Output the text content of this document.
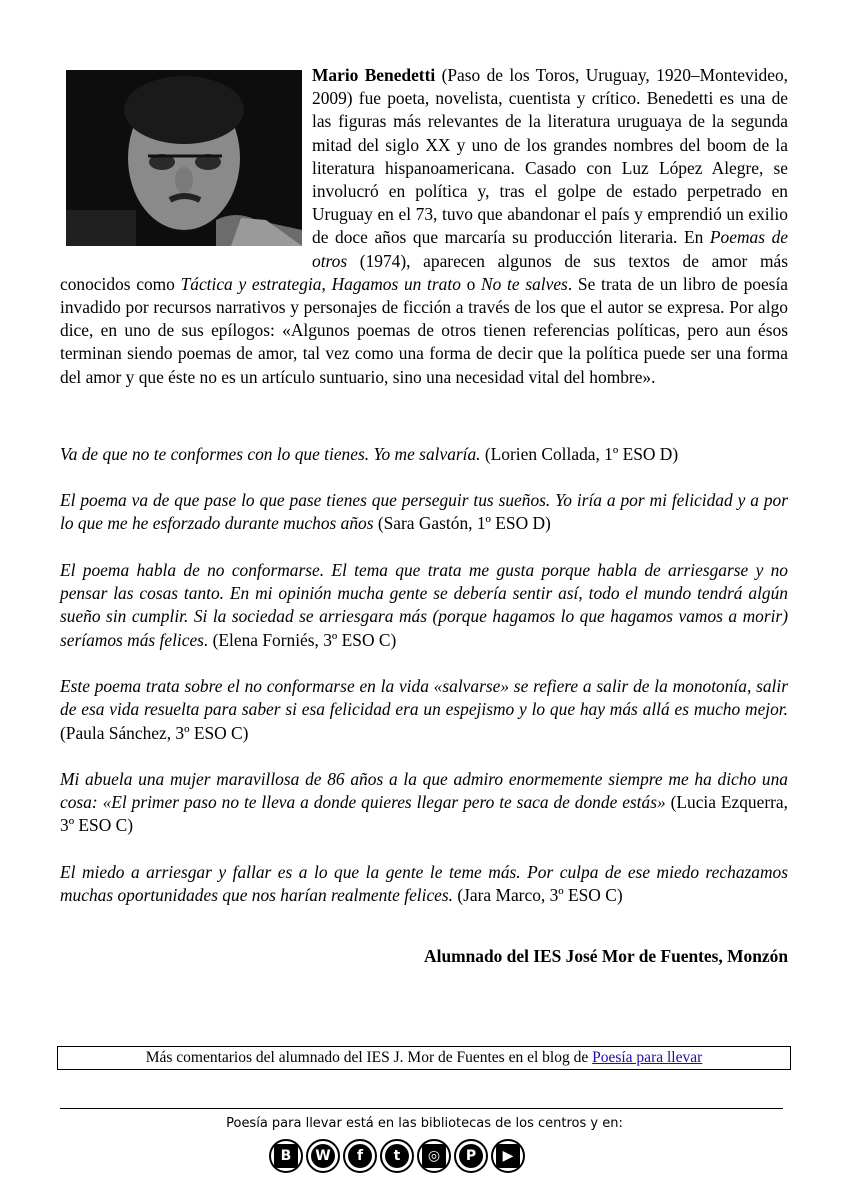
Mario Benedetti (Paso de los Toros, Uruguay, 1920–Montevideo, 2009) fue poeta, novelista, cuentista y crítico. Benedetti es una de las figuras más relevantes de la literatura uruguaya de la segunda mitad del siglo XX y uno de los grandes nombres del boom de la literatura hispanoamericana. Casado con Luz López Alegre, se involucró en política y, tras el golpe de estado perpetrado en Uruguay en el 73, tuvo que abandonar el país y emprendió un exilio de doce años que marcaría su producción literaria. En Poemas de otros (1974), aparecen algunos de sus textos de amor más conocidos como Táctica y estrategia, Hagamos un trato o No te salves. Se trata de un libro de poesía invadido por recursos narrativos y personajes de ficción a través de los que el autor se expresa. Por algo dice, en uno de sus epílogos: «Algunos poemas de otros tienen referencias políticas, pero aun ésos terminan siendo poemas de amor, tal vez como una forma de decir que la política puede ser una forma del amor y que éste no es un artículo suntuario, sino una necesidad vital del hombre».

Va de que no te conformes con lo que tienes. Yo me salvaría. (Lorien Collada, 1º ESO D)

El poema va de que pase lo que pase tienes que perseguir tus sueños. Yo iría a por mi felicidad y a por lo que me he esforzado durante muchos años (Sara Gastón, 1º ESO D)

El poema habla de no conformarse. El tema que trata me gusta porque habla de arriesgarse y no pensar las cosas tanto. En mi opinión mucha gente se debería sentir así, todo el mundo tendrá algún sueño sin cumplir. Si la sociedad se arriesgara más (porque hagamos lo que hagamos vamos a morir) seríamos más felices. (Elena Forniés, 3º ESO C)

Este poema trata sobre el no conformarse en la vida «salvarse» se refiere a salir de la monotonía, salir de esa vida resuelta para saber si esa felicidad era un espejismo y lo que hay más allá es mucho mejor. (Paula Sánchez, 3º ESO C)

Mi abuela una mujer maravillosa de 86 años a la que admiro enormemente siempre me ha dicho una cosa: «El primer paso no te lleva a donde quieres llegar pero te saca de donde estás» (Lucia Ezquerra, 3º ESO C)

El miedo a arriesgar y fallar es a lo que la gente le teme más. Por culpa de ese miedo rechazamos muchas oportunidades que nos harían realmente felices. (Jara Marco, 3º ESO C)

Alumnado del IES José Mor de Fuentes, Monzón
Más comentarios del alumnado del IES J. Mor de Fuentes en el blog de Poesía para llevar
Poesía para llevar está en las bibliotecas de los centros y en:
B	W	f	t	◎	P	▶
